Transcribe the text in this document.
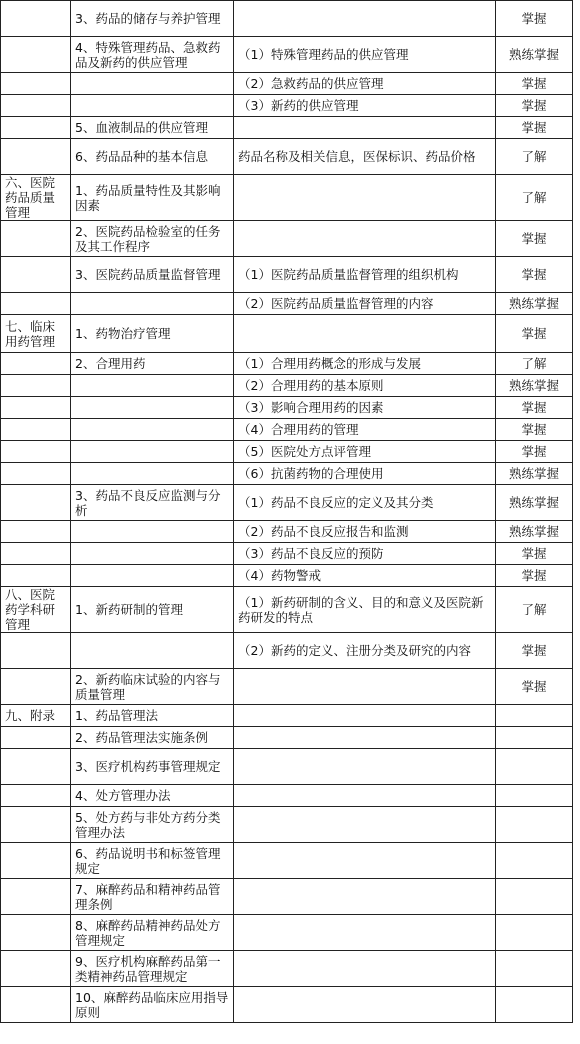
	3、药品的储存与养护管理		掌握
	4、特殊管理药品、急救药品及新药的供应管理	（1）特殊管理药品的供应管理	熟练掌握
		（2）急救药品的供应管理	掌握
		（3）新药的供应管理	掌握
	5、血液制品的供应管理		掌握
	6、药品品种的基本信息	药品名称及相关信息，医保标识、药品价格	了解
六、医院药品质量管理	1、药品质量特性及其影响因素		了解
	2、医院药品检验室的任务及其工作程序		掌握
	3、医院药品质量监督管理	（1）医院药品质量监督管理的组织机构	掌握
		（2）医院药品质量监督管理的内容	熟练掌握
七、临床用药管理	1、药物治疗管理		掌握
	2、合理用药	（1）合理用药概念的形成与发展	了解
		（2）合理用药的基本原则	熟练掌握
		（3）影响合理用药的因素	掌握
		（4）合理用药的管理	掌握
		（5）医院处方点评管理	掌握
		（6）抗菌药物的合理使用	熟练掌握
	3、药品不良反应监测与分析	（1）药品不良反应的定义及其分类	熟练掌握
		（2）药品不良反应报告和监测	熟练掌握
		（3）药品不良反应的预防	掌握
		（4）药物警戒	掌握
八、医院药学科研管理	1、新药研制的管理	（1）新药研制的含义、目的和意义及医院新药研发的特点	了解
		（2）新药的定义、注册分类及研究的内容	掌握
	2、新药临床试验的内容与质量管理		掌握
九、附录	1、药品管理法		
	2、药品管理法实施条例		
	3、医疗机构药事管理规定		
	4、处方管理办法		
	5、处方药与非处方药分类管理办法		
	6、药品说明书和标签管理规定		
	7、麻醉药品和精神药品管理条例		
	8、麻醉药品精神药品处方管理规定		
	9、医疗机构麻醉药品第一类精神药品管理规定		
	10、麻醉药品临床应用指导原则		
